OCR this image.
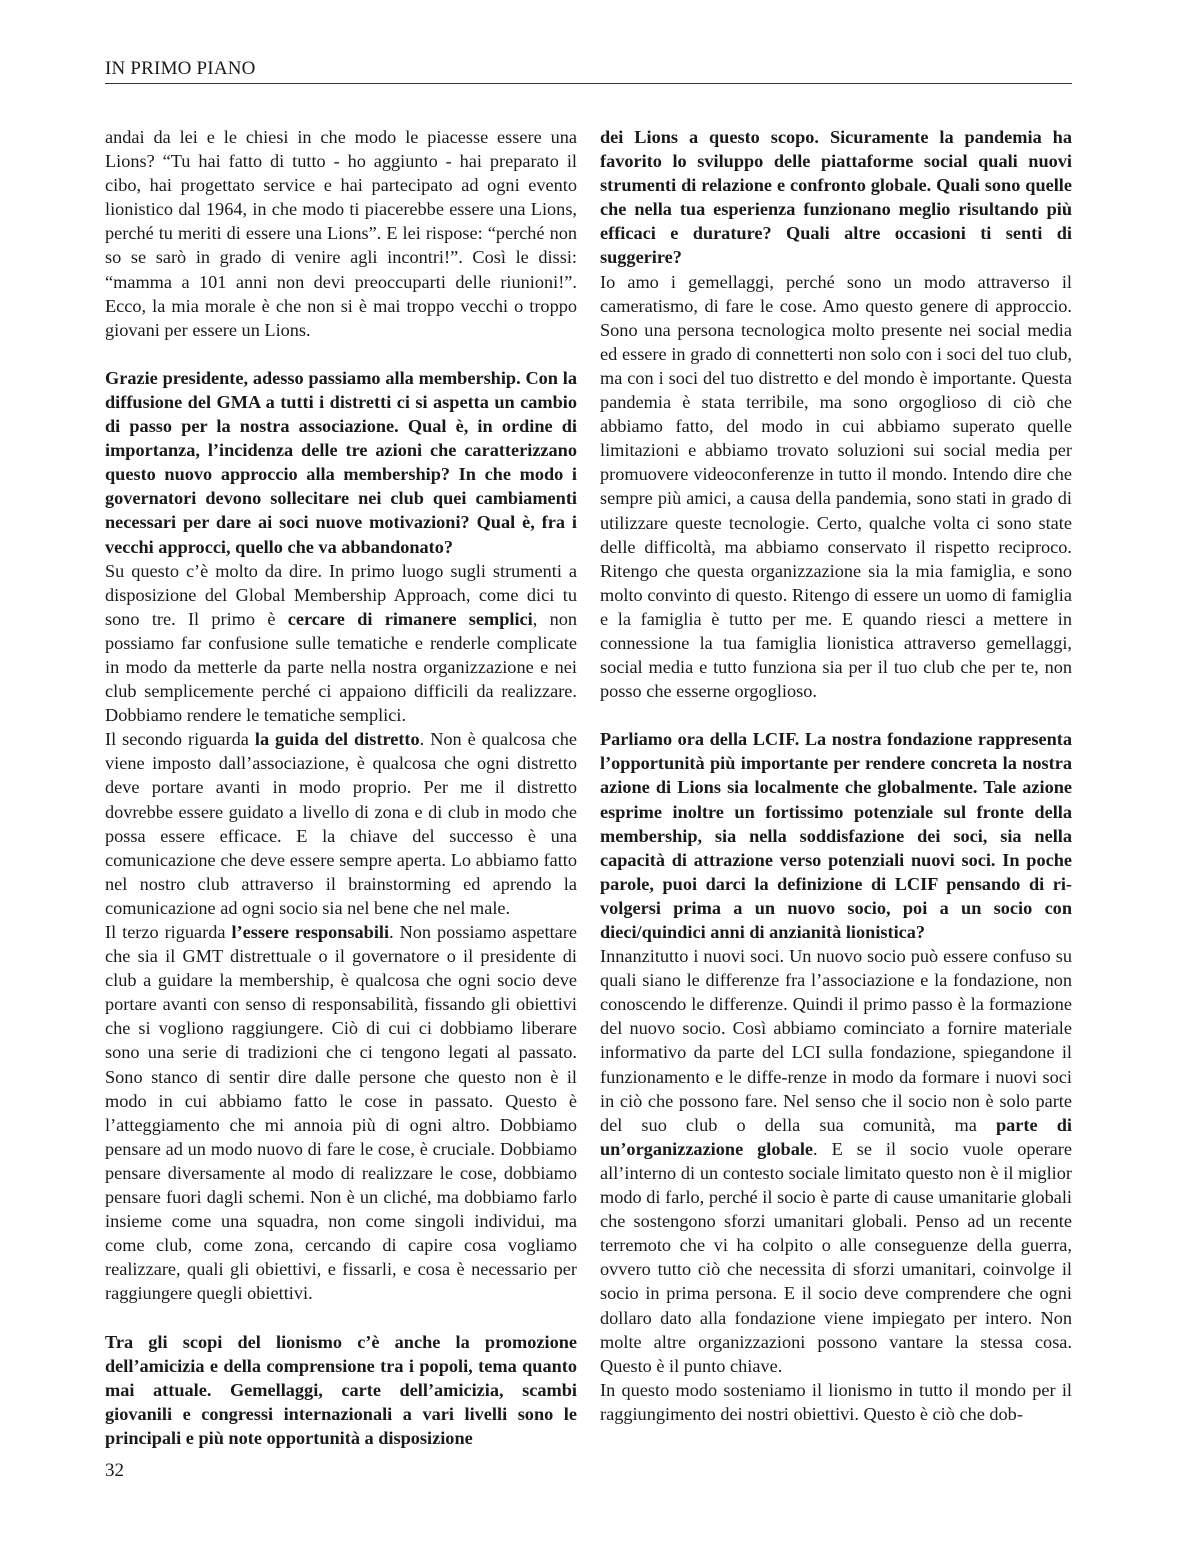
IN PRIMO PIANO

andai da lei e le chiesi in che modo le piacesse essere una Lions? “Tu hai fatto di tutto - ho aggiunto - hai preparato il cibo, hai progettato service e hai partecipato ad ogni evento lionistico dal 1964, in che modo ti piacerebbe essere una Lions, perché tu meriti di essere una Lions”. E lei rispose: “perché non so se sarò in grado di venire agli incontri!”. Così le dissi: “mamma a 101 anni non devi preoccuparti delle riunioni!”. Ecco, la mia morale è che non si è mai troppo vecchi o troppo giovani per essere un Lions.

Grazie presidente, adesso passiamo alla membership. Con la diffusione del GMA a tutti i distretti ci si aspetta un cambio di passo per la nostra associazione. Qual è, in ordine di importanza, l’incidenza delle tre azioni che caratterizzano questo nuovo approccio alla membership? In che modo i governatori devono sollecitare nei club quei cambiamenti necessari per dare ai soci nuove motivazioni? Qual è, fra i vecchi approcci, quello che va abbandonato?

Su questo c’è molto da dire. In primo luogo sugli strumenti a disposizione del Global Membership Approach, come dici tu sono tre. Il primo è cercare di rimanere semplici, non possiamo far confusione sulle tematiche e renderle complicate in modo da metterle da parte nella nostra organizzazione e nei club semplicemente perché ci appaiono difficili da realizzare. Dobbiamo rendere le tematiche semplici.

Il secondo riguarda la guida del distretto. Non è qualcosa che viene imposto dall’associazione, è qualcosa che ogni distretto deve portare avanti in modo proprio. Per me il distretto dovrebbe essere guidato a livello di zona e di club in modo che possa essere efficace. E la chiave del successo è una comunicazione che deve essere sempre aperta. Lo abbiamo fatto nel nostro club attraverso il brainstorming ed aprendo la comunicazione ad ogni socio sia nel bene che nel male.

Il terzo riguarda l’essere responsabili. Non possiamo aspettare che sia il GMT distrettuale o il governatore o il presidente di club a guidare la membership, è qualcosa che ogni socio deve portare avanti con senso di responsabilità, fissando gli obiettivi che si vogliono raggiungere. Ciò di cui ci dobbiamo liberare sono una serie di tradizioni che ci tengono legati al passato. Sono stanco di sentir dire dalle persone che questo non è il modo in cui abbiamo fatto le cose in passato. Questo è l’atteggiamento che mi annoia più di ogni altro. Dobbiamo pensare ad un modo nuovo di fare le cose, è cruciale. Dobbiamo pensare diversamente al modo di realizzare le cose, dobbiamo pensare fuori dagli schemi. Non è un cliché, ma dobbiamo farlo insieme come una squadra, non come singoli individui, ma come club, come zona, cercando di capire cosa vogliamo realizzare, quali gli obiettivi, e fissarli, e cosa è necessario per raggiungere quegli obiettivi.

Tra gli scopi del lionismo c’è anche la promozione dell’amicizia e della comprensione tra i popoli, tema quanto mai attuale. Gemellaggi, carte dell’amicizia, scambi giovanili e congressi internazionali a vari livelli sono le principali e più note opportunità a disposizione

dei Lions a questo scopo. Sicuramente la pandemia ha favorito lo sviluppo delle piattaforme social quali nuovi strumenti di relazione e confronto globale. Quali sono quelle che nella tua esperienza funzionano meglio risultando più efficaci e durature? Quali altre occasioni ti senti di suggerire?

Io amo i gemellaggi, perché sono un modo attraverso il cameratismo, di fare le cose. Amo questo genere di approccio. Sono una persona tecnologica molto presente nei social media ed essere in grado di connetterti non solo con i soci del tuo club, ma con i soci del tuo distretto e del mondo è importante. Questa pandemia è stata terribile, ma sono orgoglioso di ciò che abbiamo fatto, del modo in cui abbiamo superato quelle limitazioni e abbiamo trovato soluzioni sui social media per promuovere videoconferenze in tutto il mondo. Intendo dire che sempre più amici, a causa della pandemia, sono stati in grado di utilizzare queste tecnologie. Certo, qualche volta ci sono state delle difficoltà, ma abbiamo conservato il rispetto reciproco. Ritengo che questa organizzazione sia la mia famiglia, e sono molto convinto di questo. Ritengo di essere un uomo di famiglia e la famiglia è tutto per me. E quando riesci a mettere in connessione la tua famiglia lionistica attraverso gemellaggi, social media e tutto funziona sia per il tuo club che per te, non posso che esserne orgoglioso.

Parliamo ora della LCIF. La nostra fondazione rappresenta l’opportunità più importante per rendere concreta la nostra azione di Lions sia localmente che globalmente. Tale azione esprime inoltre un fortissimo potenziale sul fronte della membership, sia nella soddisfazione dei soci, sia nella capacità di attrazione verso potenziali nuovi soci. In poche parole, puoi darci la definizione di LCIF pensando di ri-volgersi prima a un nuovo socio, poi a un socio con dieci/quindici anni di anzianità lionistica?

Innanzitutto i nuovi soci. Un nuovo socio può essere confuso su quali siano le differenze fra l’associazione e la fondazione, non conoscendo le differenze. Quindi il primo passo è la formazione del nuovo socio. Così abbiamo cominciato a fornire materiale informativo da parte del LCI sulla fondazione, spiegandone il funzionamento e le diffe-renze in modo da formare i nuovi soci in ciò che possono fare. Nel senso che il socio non è solo parte del suo club o della sua comunità, ma parte di un’organizzazione globale. E se il socio vuole operare all’interno di un contesto sociale limitato questo non è il miglior modo di farlo, perché il socio è parte di cause umanitarie globali che sostengono sforzi umanitari globali. Penso ad un recente terremoto che vi ha colpito o alle conseguenze della guerra, ovvero tutto ciò che necessita di sforzi umanitari, coinvolge il socio in prima persona. E il socio deve comprendere che ogni dollaro dato alla fondazione viene impiegato per intero. Non molte altre organizzazioni possono vantare la stessa cosa. Questo è il punto chiave.

In questo modo sosteniamo il lionismo in tutto il mondo per il raggiungimento dei nostri obiettivi. Questo è ciò che dob-

32
